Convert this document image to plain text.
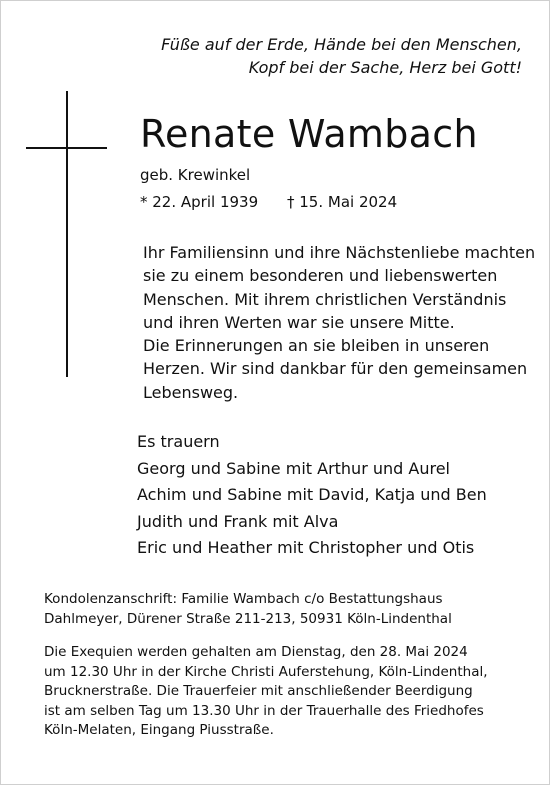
Füße auf der Erde, Hände bei den Menschen,
Kopf bei der Sache, Herz bei Gott!
Renate Wambach
geb. Krewinkel
* 22. April 1939 † 15. Mai 2024
Ihr Familiensinn und ihre Nächstenliebe machten
sie zu einem besonderen und liebenswerten
Menschen. Mit ihrem christlichen Verständnis
und ihren Werten war sie unsere Mitte.
Die Erinnerungen an sie bleiben in unseren
Herzen. Wir sind dankbar für den gemeinsamen
Lebensweg.
Es trauern
Georg und Sabine mit Arthur und Aurel
Achim und Sabine mit David, Katja und Ben
Judith und Frank mit Alva
Eric und Heather mit Christopher und Otis
Kondolenzanschrift: Familie Wambach c/o Bestattungshaus
Dahlmeyer, Dürener Straße 211-213, 50931 Köln-Lindenthal
Die Exequien werden gehalten am Dienstag, den 28. Mai 2024
um 12.30 Uhr in der Kirche Christi Auferstehung, Köln-Lindenthal,
Brucknerstraße. Die Trauerfeier mit anschließender Beerdigung
ist am selben Tag um 13.30 Uhr in der Trauerhalle des Friedhofes
Köln-Melaten, Eingang Piusstraße.
